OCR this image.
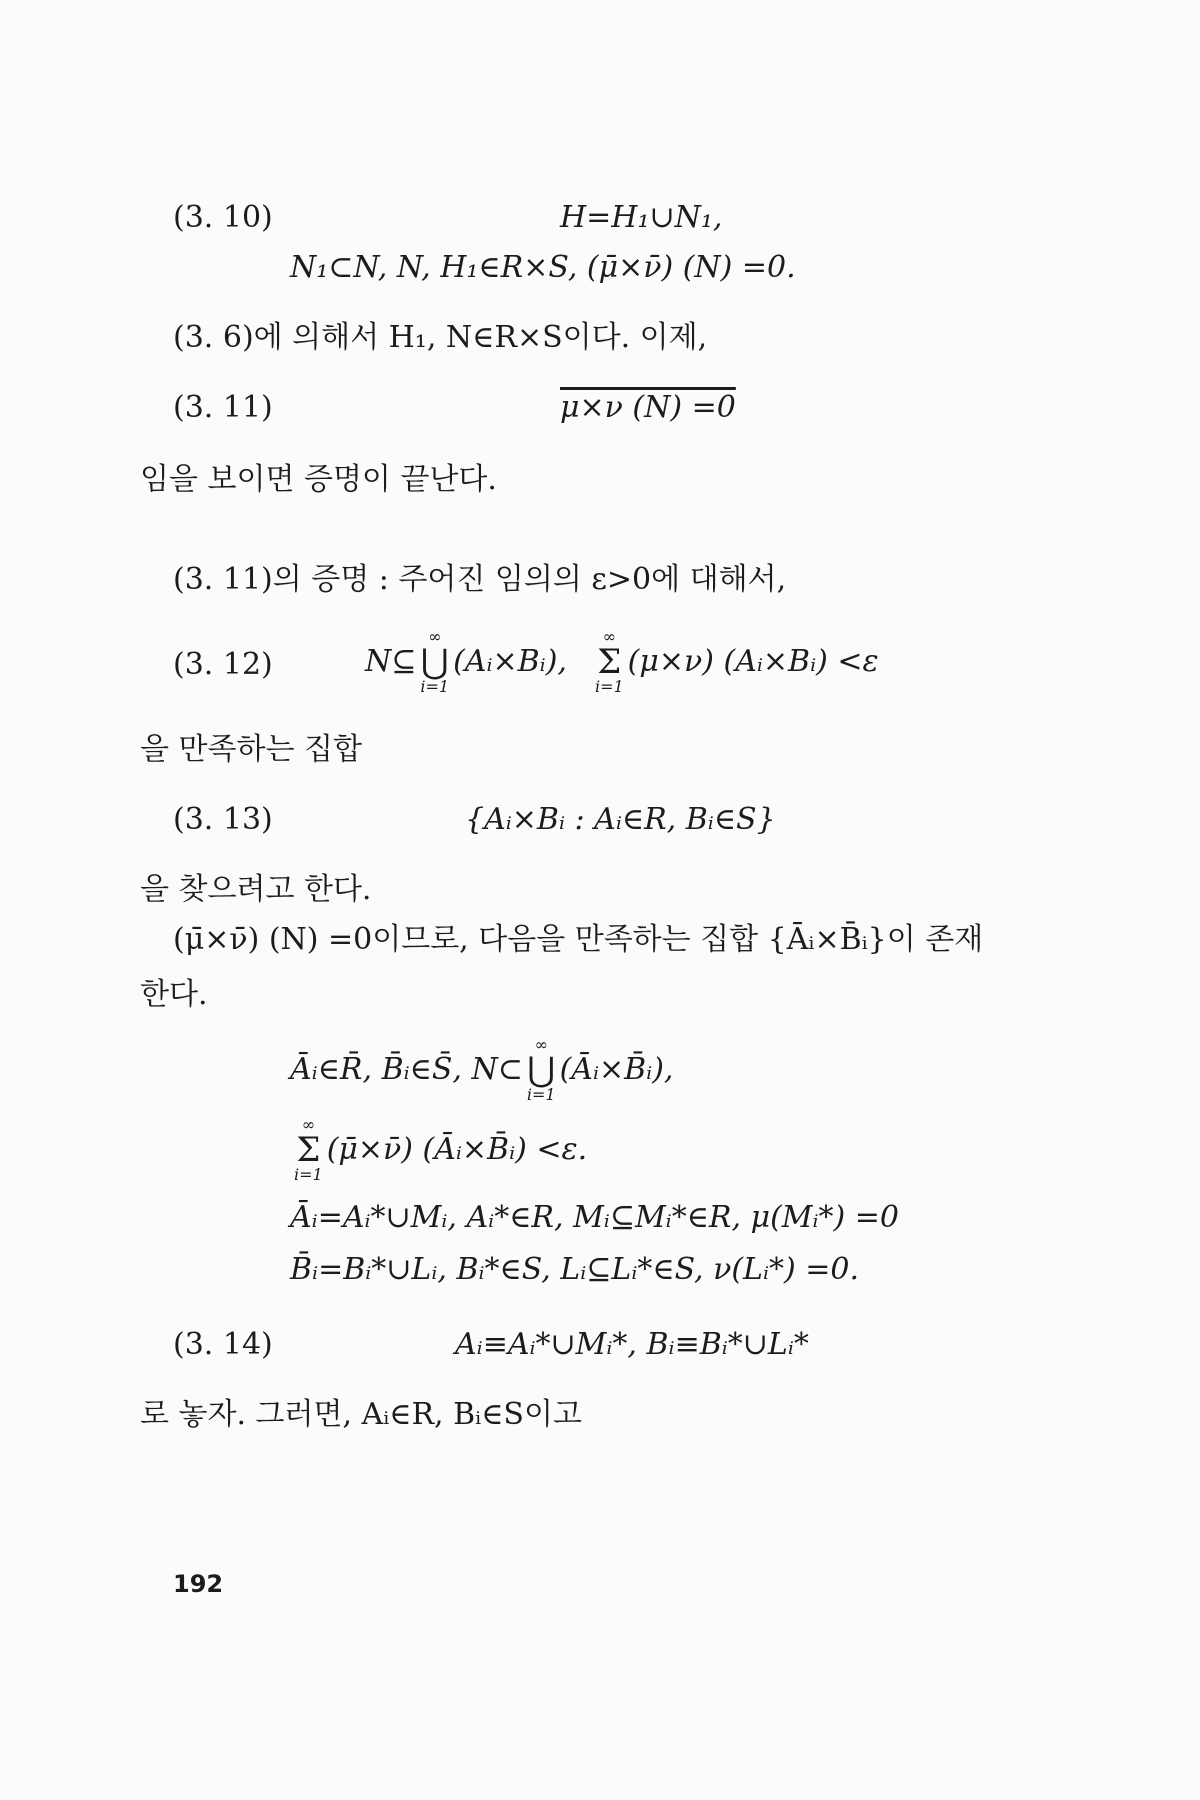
(3. 10)	H=H₁∪N₁,
N₁⊂N, N, H₁∈R×S, (μ̄×ν̄) (N) =0.
(3. 6)에 의해서 H₁, N∈R×S이다. 이제,
(3. 11)	μ×ν (N) =0
임을 보이면 증명이 끝난다.
(3. 11)의 증명 : 주어진 임의의 ε>0에 대해서,
(3. 12)	N⊆
∞
⋃
i=1
(Aᵢ×Bᵢ),
∞
Σ
i=1
(μ×ν) (Aᵢ×Bᵢ) <ε
을 만족하는 집합
(3. 13)	{Aᵢ×Bᵢ : Aᵢ∈R, Bᵢ∈S}
을 찾으려고 한다.
(μ̄×ν̄) (N) =0이므로, 다음을 만족하는 집합 {Āᵢ×B̄ᵢ}이 존재
한다.
Āᵢ∈R̄, B̄ᵢ∈S̄, N⊂
∞
⋃
i=1
(Āᵢ×B̄ᵢ),
∞
Σ
i=1
(μ̄×ν̄) (Āᵢ×B̄ᵢ) <ε.
Āᵢ=Aᵢ*∪Mᵢ, Aᵢ*∈R, Mᵢ⊆Mᵢ*∈R, μ(Mᵢ*) =0
B̄ᵢ=Bᵢ*∪Lᵢ, Bᵢ*∈S, Lᵢ⊆Lᵢ*∈S, ν(Lᵢ*) =0.
(3. 14)	Aᵢ≡Aᵢ*∪Mᵢ*, Bᵢ≡Bᵢ*∪Lᵢ*
로 놓자. 그러면, Aᵢ∈R, Bᵢ∈S이고
192
